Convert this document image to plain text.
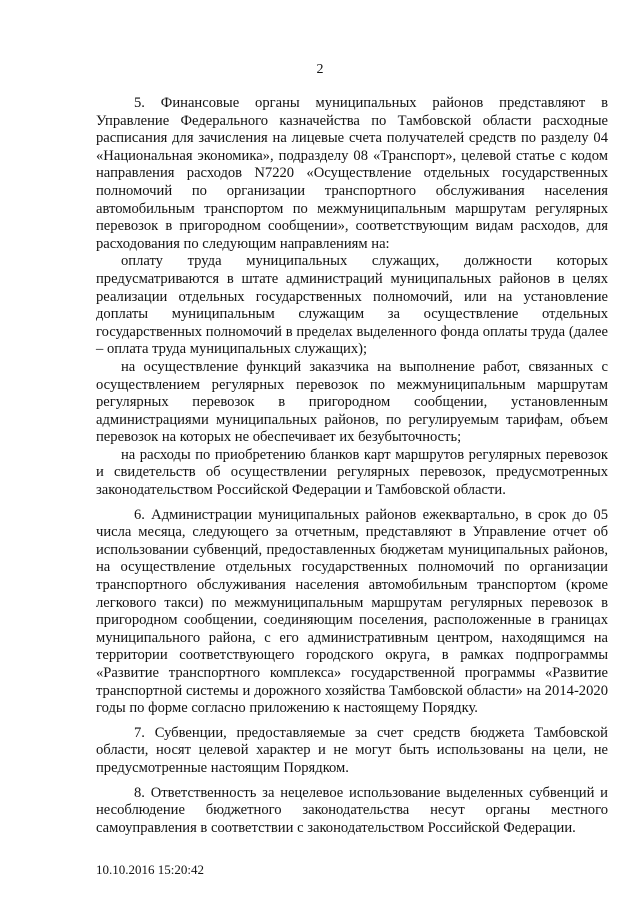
2

5. Финансовые органы муниципальных районов представляют в Управление Федерального казначейства по Тамбовской области расходные расписания для зачисления на лицевые счета получателей средств по разделу 04 «Национальная экономика», подразделу 08 «Транспорт», целевой статье с кодом направления расходов N7220 «Осуществление отдельных государственных полномочий по организации транспортного обслуживания населения автомобильным транспортом по межмуниципальным маршрутам регулярных перевозок в пригородном сообщении», соответствующим видам расходов, для расходования по следующим направлениям на:

оплату труда муниципальных служащих, должности которых предусматриваются в штате администраций муниципальных районов в целях реализации отдельных государственных полномочий, или на установление доплаты муниципальным служащим за осуществление отдельных государственных полномочий в пределах выделенного фонда оплаты труда (далее – оплата труда муниципальных служащих);

на осуществление функций заказчика на выполнение работ, связанных с осуществлением регулярных перевозок по межмуниципальным маршрутам регулярных перевозок в пригородном сообщении, установленным администрациями муниципальных районов, по регулируемым тарифам, объем перевозок на которых не обеспечивает их безубыточность;

на расходы по приобретению бланков карт маршрутов регулярных перевозок и свидетельств об осуществлении регулярных перевозок, предусмотренных законодательством Российской Федерации и Тамбовской области.

6. Администрации муниципальных районов ежеквартально, в срок до 05 числа месяца, следующего за отчетным, представляют в Управление отчет об использовании субвенций, предоставленных бюджетам муниципальных районов, на осуществление отдельных государственных полномочий по организации транспортного обслуживания населения автомобильным транспортом (кроме легкового такси) по межмуниципальным маршрутам регулярных перевозок в пригородном сообщении, соединяющим поселения, расположенные в границах муниципального района, с его административным центром, находящимся на территории соответствующего городского округа, в рамках подпрограммы «Развитие транспортного комплекса» государственной программы «Развитие транспортной системы и дорожного хозяйства Тамбовской области» на 2014-2020 годы по форме согласно приложению к настоящему Порядку.

7. Субвенции, предоставляемые за счет средств бюджета Тамбовской области, носят целевой характер и не могут быть использованы на цели, не предусмотренные настоящим Порядком.

8. Ответственность за нецелевое использование выделенных субвенций и несоблюдение бюджетного законодательства несут органы местного самоуправления в соответствии с законодательством Российской Федерации.

10.10.2016 15:20:42
